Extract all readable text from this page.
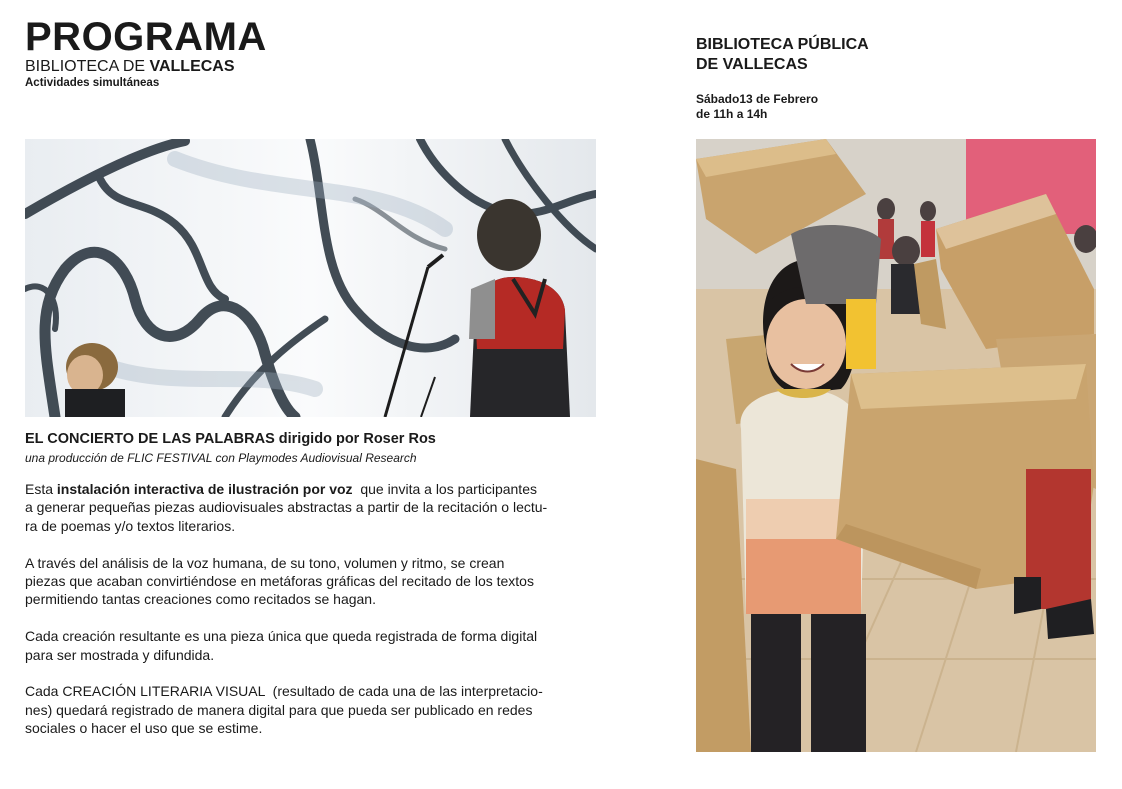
PROGRAMA
BIBLIOTECA DE VALLECAS
Actividades simultáneas
EL CONCIERTO DE LAS PALABRAS dirigido por Roser Ros
una producción de FLIC FESTIVAL con Playmodes Audiovisual Research

Esta instalación interactiva de ilustración por voz  que invita a los participantes
a generar pequeñas piezas audiovisuales abstractas a partir de la recitación o lectu-
ra de poemas y/o textos literarios.

A través del análisis de la voz humana, de su tono, volumen y ritmo, se crean
piezas que acaban convirtiéndose en metáforas gráficas del recitado de los textos
permitiendo tantas creaciones como recitados se hagan.

Cada creación resultante es una pieza única que queda registrada de forma digital
para ser mostrada y difundida.

Cada CREACIÓN LITERARIA VISUAL  (resultado de cada una de las interpretacio-
nes) quedará registrado de manera digital para que pueda ser publicado en redes
sociales o hacer el uso que se estime.

BIBLIOTECA PÚBLICA
DE VALLECAS
Sábado13 de Febrero
de 11h a 14h
